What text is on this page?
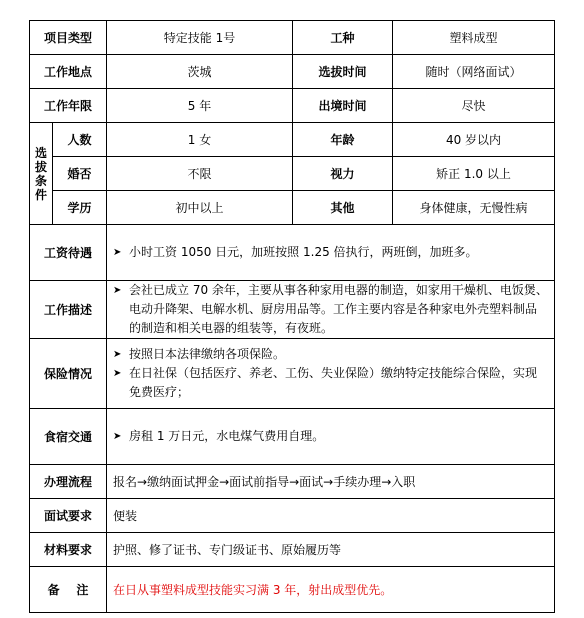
项目类型		特定技能 1号	工种	塑料成型
工作地点		茨城	选拔时间	随时（网络面试）
工作年限		5 年	出境时间	尽快

选
拔
条
件	人数	1 女	年龄	40 岁以内
	婚否	不限	视力	矫正 1.0 以上
	学历	初中以上	其他	身体健康，无慢性病
工资待遇		➤ 小时工资 1050 日元，加班按照 1.25 倍执行，两班倒，加班多。		

工作描述		➤ 会社已成立 70 余年，主要从事各种家用电器的制造，如家用干燥机、电饭煲、电动升降架、电解水机、厨房用品等。工作主要内容是各种家电外壳塑料制品的制造和相关电器的组装等，有夜班。		

保险情况		➤ 按照日本法律缴纳各项保险。
➤ 在日社保（包括医疗、养老、工伤、失业保险）缴纳特定技能综合保险，实现免费医疗；		

食宿交通		➤ 房租 1 万日元，水电煤气费用自理。		

办理流程		报名→缴纳面试押金→面试前指导→面试→手续办理→入职		
面试要求		便装		
材料要求		护照、修了证书、专门级证书、原始履历等		
备    注		在日从事塑料成型技能实习满 3 年，射出成型优先。		
